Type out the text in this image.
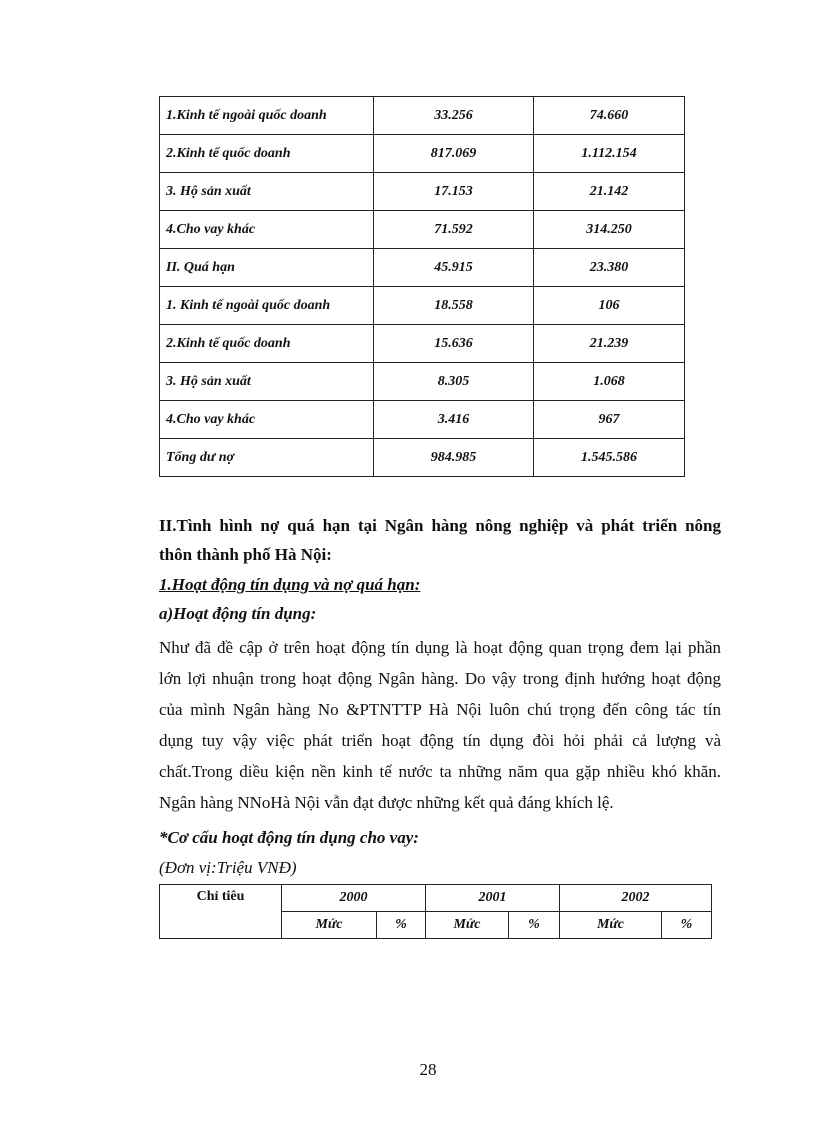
1.Kinh tế ngoài quốc doanh	33.256	74.660
2.Kinh tế quốc doanh	817.069	1.112.154
3. Hộ sản xuất	17.153	21.142
4.Cho vay khác	71.592	314.250
II. Quá hạn	45.915	23.380
1. Kinh tế ngoài quốc doanh	18.558	106
2.Kinh tế quốc doanh	15.636	21.239
3. Hộ sản xuất	8.305	1.068
4.Cho vay khác	3.416	967
Tổng dư nợ	984.985	1.545.586
II.Tình hình nợ quá hạn tại Ngân hàng nông nghiệp và phát triển nông
thôn thành phố Hà Nội:
1.Hoạt động tín dụng và nợ quá hạn:
a)Hoạt động tín dụng:
Như đã đề cập ở trên hoạt động tín dụng là hoạt động quan trọng đem lại phần
lớn lợi nhuận trong hoạt động Ngân hàng. Do vậy trong định hướng hoạt động
của mình Ngân hàng No &PTNTTP Hà Nội luôn chú trọng đến công tác tín
dụng tuy vậy việc phát triển hoạt động tín dụng đòi hỏi phải cả lượng và
chất.Trong diều kiện nền kinh tế nước ta những năm qua gặp nhiều khó khăn.
Ngân hàng NNoHà Nội vẫn đạt được những kết quả đáng khích lệ.
*Cơ cấu hoạt động tín dụng cho vay:
(Đơn vị:Triệu VNĐ)
Chỉ tiêu	2000		2001		2002	
	Mức	%	Mức	%	Mức	%
28
